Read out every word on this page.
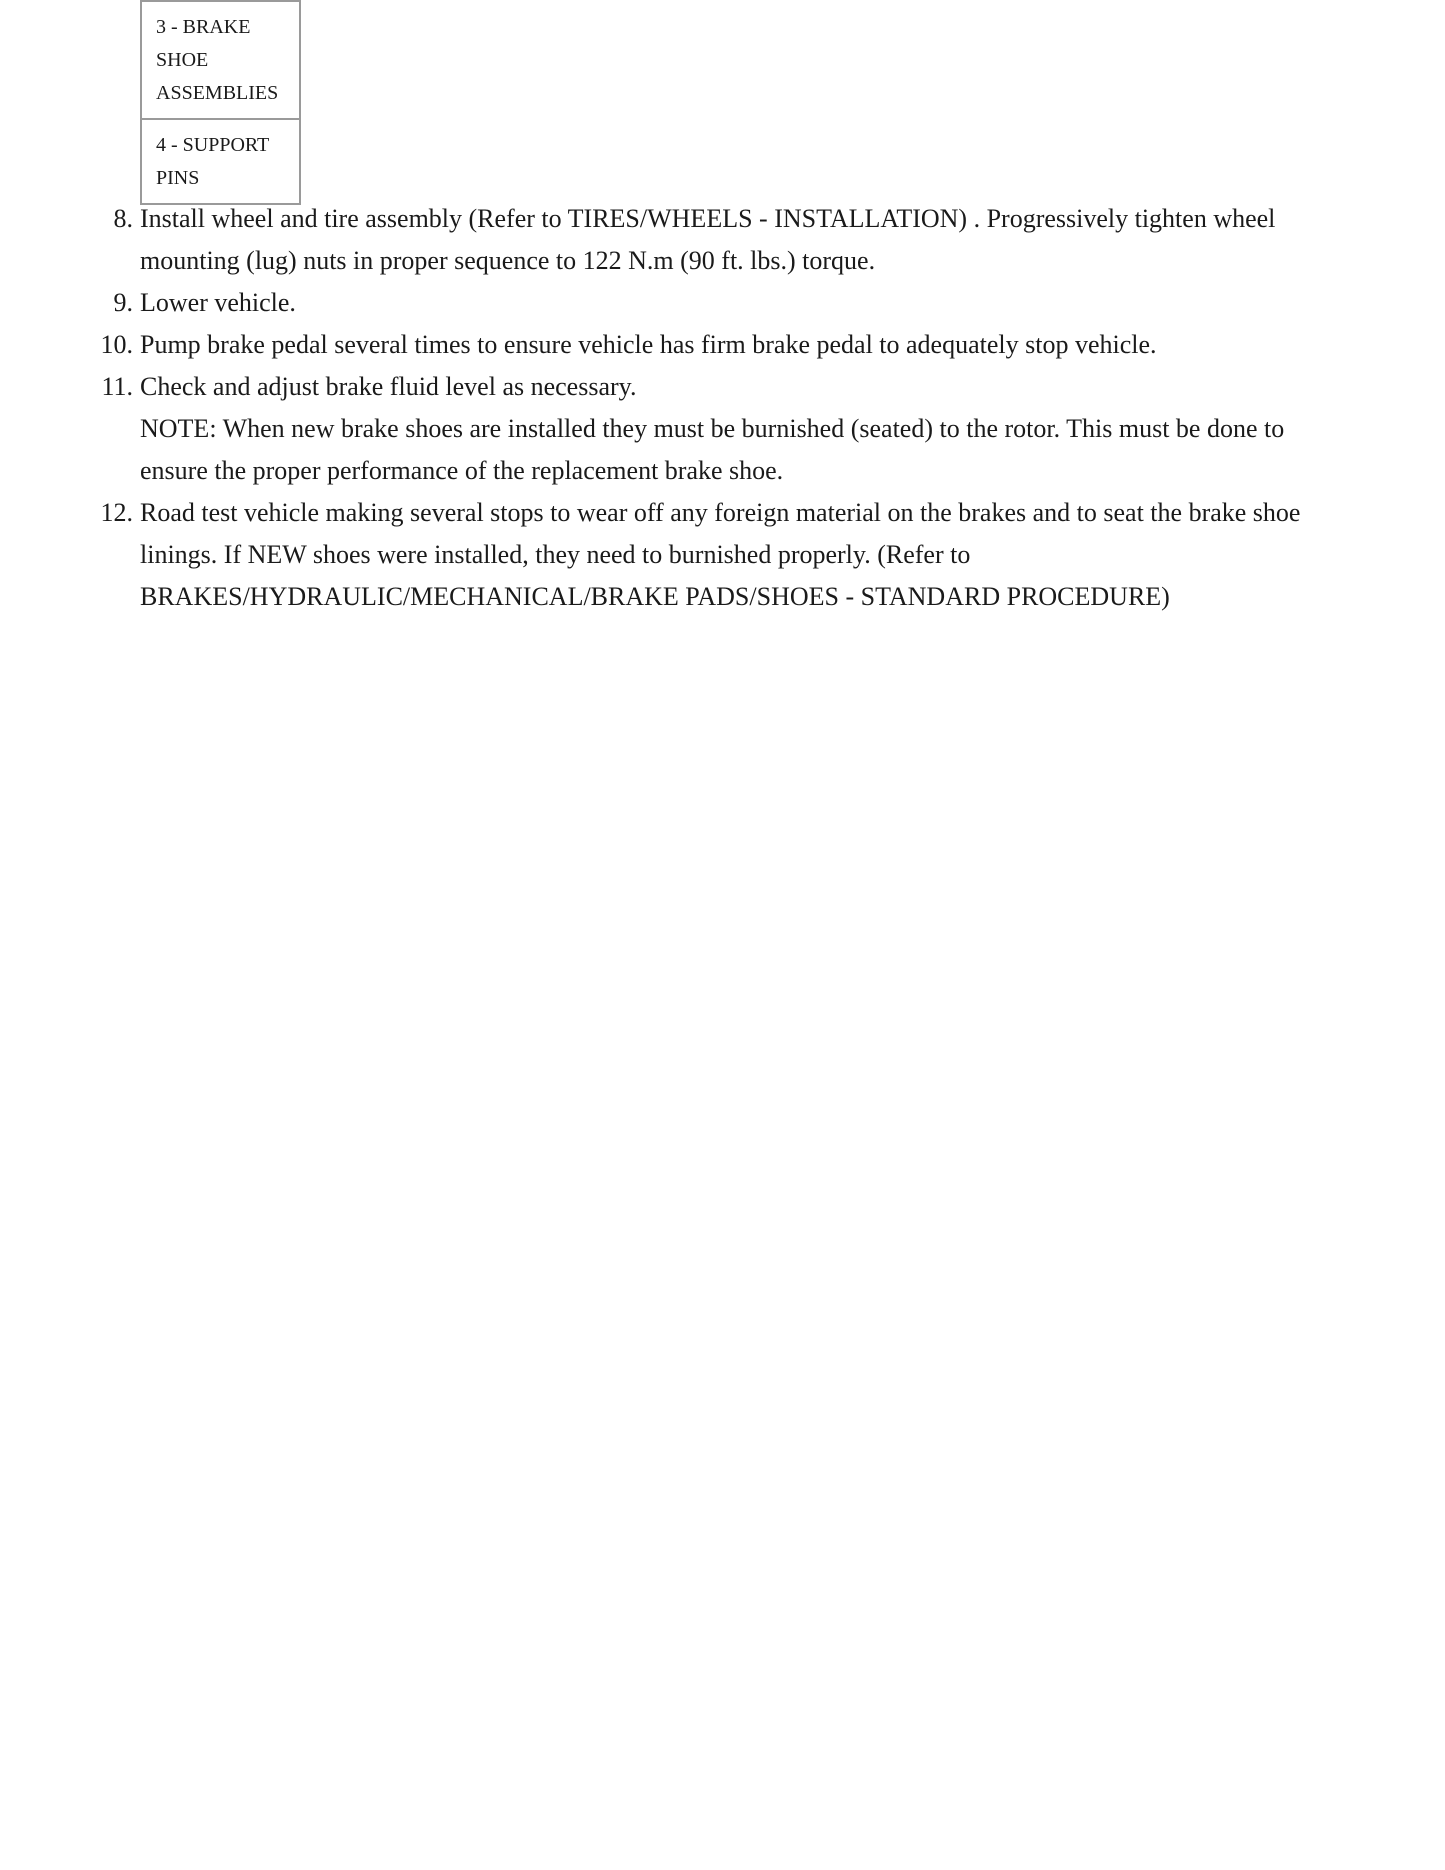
3 - BRAKE SHOE ASSEMBLIES
4 - SUPPORT PINS
8. Install wheel and tire assembly (Refer to TIRES/WHEELS - INSTALLATION) . Progressively tighten wheel mounting (lug) nuts in proper sequence to 122 N.m (90 ft. lbs.) torque.
9. Lower vehicle.
10. Pump brake pedal several times to ensure vehicle has firm brake pedal to adequately stop vehicle.
11. Check and adjust brake fluid level as necessary.
NOTE: When new brake shoes are installed they must be burnished (seated) to the rotor. This must be done to ensure the proper performance of the replacement brake shoe.
12. Road test vehicle making several stops to wear off any foreign material on the brakes and to seat the brake shoe linings. If NEW shoes were installed, they need to burnished properly. (Refer to BRAKES/HYDRAULIC/MECHANICAL/BRAKE PADS/SHOES - STANDARD PROCEDURE)
